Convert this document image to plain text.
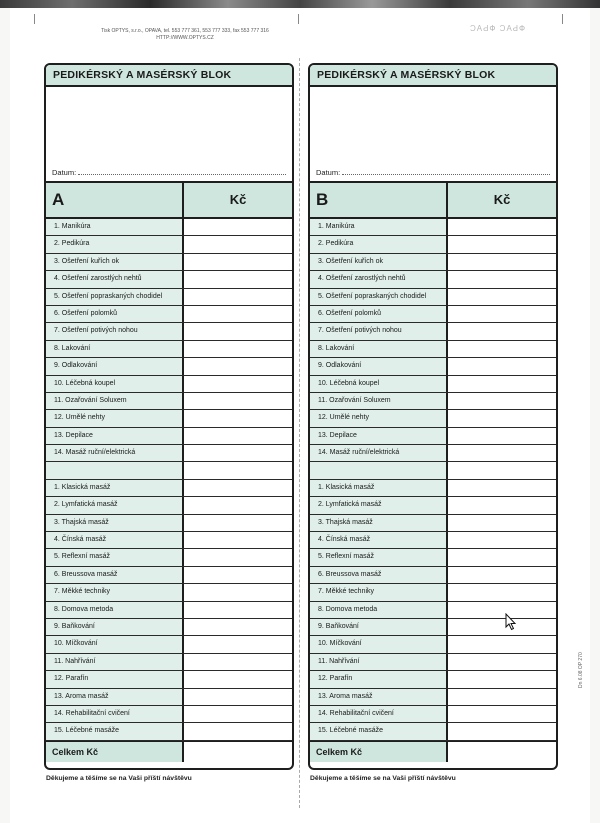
Tisk OPTYS, s.r.o., OPAVA, tel. 553 777 361, 553 777 333, fax 553 777 316
HTTP://WWW.OPTYS.CZ
ƆAԀФ ƆAԀФ
PEDIKÉRSKÝ A MASÉRSKÝ BLOK
Datum:
A	Kč
1. Manikúra
2. Pedikúra
3. Ošetření kuřích ok
4. Ošetření zarostlých nehtů
5. Ošetření popraskaných chodidel
6. Ošetření polomků
7. Ošetření potivých nohou
8. Lakování
9. Odlakování
10. Léčebná koupel
11. Ozařování Soluxem
12. Umělé nehty
13. Depilace
14. Masáž ruční/elektrická
1. Klasická masáž
2. Lymfatická masáž
3. Thajská masáž
4. Čínská masáž
5. Reflexní masáž
6. Breussova masáž
7. Měkké techniky
8. Domova metoda
9. Baňkování
10. Míčkování
11. Nahřívání
12. Parafín
13. Aroma masáž
14. Rehabilitační cvičení
15. Léčebné masáže
Celkem Kč
Děkujeme a těšíme se na Vaši příští návštěvu
PEDIKÉRSKÝ A MASÉRSKÝ BLOK
Datum:
B	Kč
1. Manikúra
2. Pedikúra
3. Ošetření kuřích ok
4. Ošetření zarostlých nehtů
5. Ošetření popraskaných chodidel
6. Ošetření polomků
7. Ošetření potivých nohou
8. Lakování
9. Odlakování
10. Léčebná koupel
11. Ozařování Soluxem
12. Umělé nehty
13. Depilace
14. Masáž ruční/elektrická
1. Klasická masáž
2. Lymfatická masáž
3. Thajská masáž
4. Čínská masáž
5. Reflexní masáž
6. Breussova masáž
7. Měkké techniky
8. Domova metoda
9. Baňkování
10. Míčkování
11. Nahřívání
12. Parafín
13. Aroma masáž
14. Rehabilitační cvičení
15. Léčebné masáže
Celkem Kč
Děkujeme a těšíme se na Vaši příští návštěvu
Dn 6.08 OP 270
